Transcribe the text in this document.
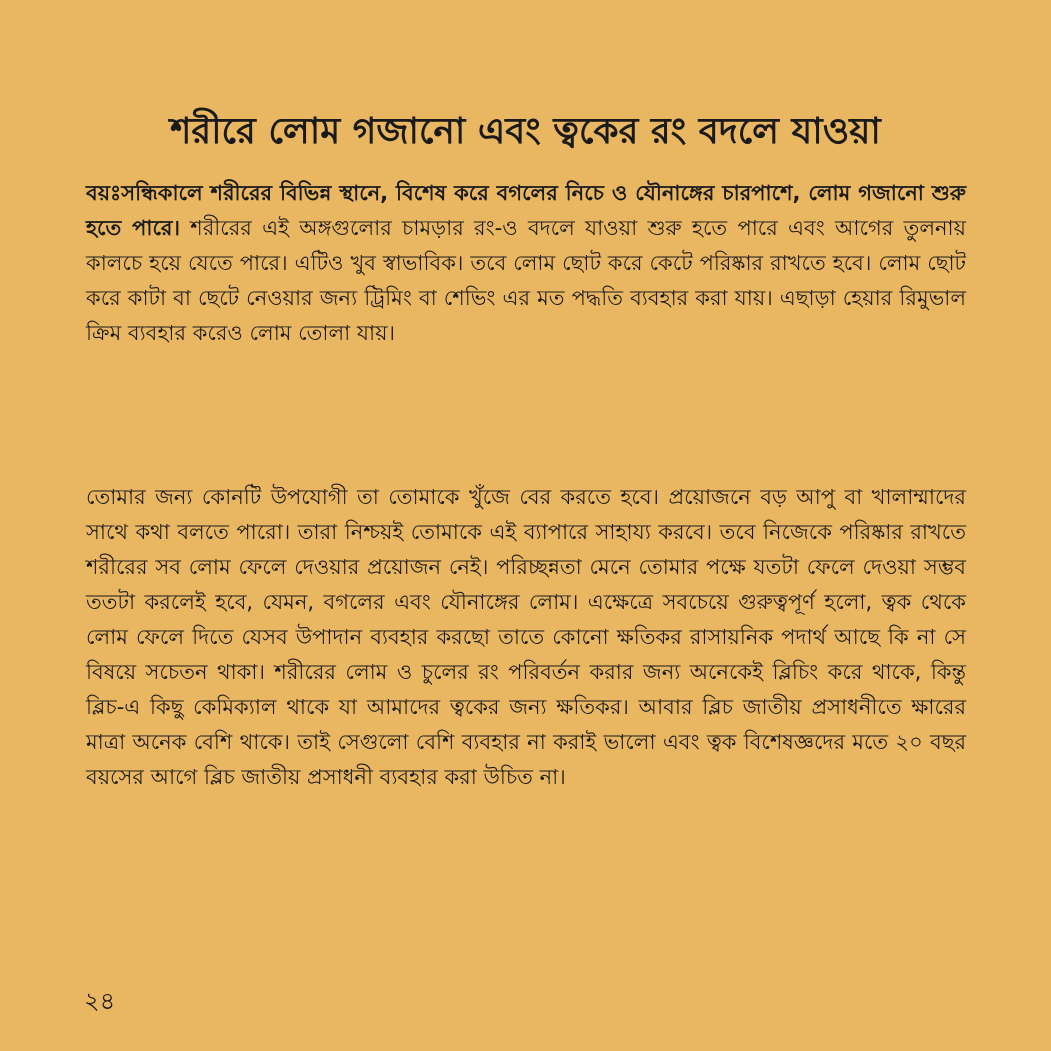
শরীরে লোম গজানো এবং ত্বকের রং বদলে যাওয়া

বয়ঃসন্ধিকালে শরীরের বিভিন্ন স্থানে, বিশেষ করে বগলের নিচে ও যৌনাঙ্গের চারপাশে, লোম গজানো শুরু হতে পারে। শরীরের এই অঙ্গগুলোর চামড়ার রং-ও বদলে যাওয়া শুরু হতে পারে এবং আগের তুলনায় কালচে হয়ে যেতে পারে। এটিও খুব স্বাভাবিক। তবে লোম ছোট করে কেটে পরিষ্কার রাখতে হবে। লোম ছোট করে কাটা বা ছেটে নেওয়ার জন্য ট্রিমিং বা শেভিং এর মত পদ্ধতি ব্যবহার করা যায়। এছাড়া হেয়ার রিমুভাল ক্রিম ব্যবহার করেও লোম তোলা যায়।

তোমার জন্য কোনটি উপযোগী তা তোমাকে খুঁজে বের করতে হবে। প্রয়োজনে বড় আপু বা খালাম্মাদের সাথে কথা বলতে পারো। তারা নিশ্চয়ই তোমাকে এই ব্যাপারে সাহায্য করবে। তবে নিজেকে পরিষ্কার রাখতে শরীরের সব লোম ফেলে দেওয়ার প্রয়োজন নেই। পরিচ্ছন্নতা মেনে তোমার পক্ষে যতটা ফেলে দেওয়া সম্ভব ততটা করলেই হবে, যেমন, বগলের এবং যৌনাঙ্গের লোম। এক্ষেত্রে সবচেয়ে গুরুত্বপূর্ণ হলো, ত্বক থেকে লোম ফেলে দিতে যেসব উপাদান ব্যবহার করছো তাতে কোনো ক্ষতিকর রাসায়নিক পদার্থ আছে কি না সে বিষয়ে সচেতন থাকা। শরীরের লোম ও চুলের রং পরিবর্তন করার জন্য অনেকেই ব্লিচিং করে থাকে, কিন্তু ব্লিচ-এ কিছু কেমিক্যাল থাকে যা আমাদের ত্বকের জন্য ক্ষতিকর। আবার ব্লিচ জাতীয় প্রসাধনীতে ক্ষারের মাত্রা অনেক বেশি থাকে। তাই সেগুলো বেশি ব্যবহার না করাই ভালো এবং ত্বক বিশেষজ্ঞদের মতে ২০ বছর বয়সের আগে ব্লিচ জাতীয় প্রসাধনী ব্যবহার করা উচিত না।

২৪
